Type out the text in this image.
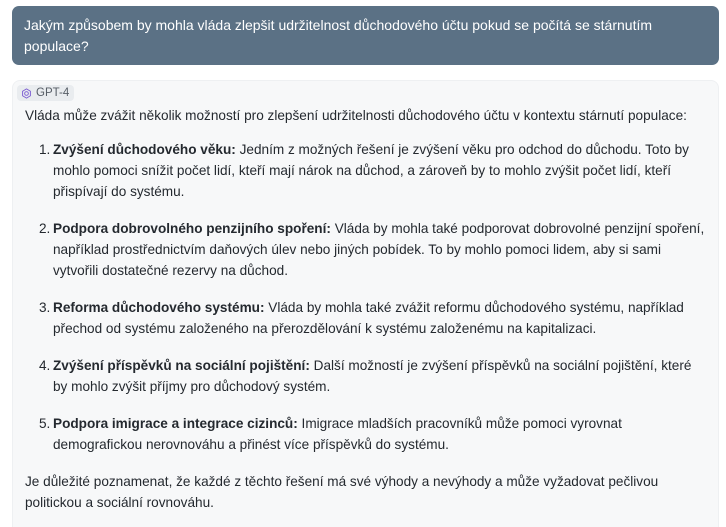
Jakým způsobem by mohla vláda zlepšit udržitelnost důchodového účtu pokud se počítá se stárnutím populace?
GPT-4

Vláda může zvážit několik možností pro zlepšení udržitelnosti důchodového účtu v kontextu stárnutí populace:

1. Zvýšení důchodového věku: Jedním z možných řešení je zvýšení věku pro odchod do důchodu. Toto by mohlo pomoci snížit počet lidí, kteří mají nárok na důchod, a zároveň by to mohlo zvýšit počet lidí, kteří přispívají do systému.
2. Podpora dobrovolného penzijního spoření: Vláda by mohla také podporovat dobrovolné penzijní spoření, například prostřednictvím daňových úlev nebo jiných pobídek. To by mohlo pomoci lidem, aby si sami vytvořili dostatečné rezervy na důchod.
3. Reforma důchodového systému: Vláda by mohla také zvážit reformu důchodového systému, například přechod od systému založeného na přerozdělování k systému založenému na kapitalizaci.
4. Zvýšení příspěvků na sociální pojištění: Další možností je zvýšení příspěvků na sociální pojištění, které by mohlo zvýšit příjmy pro důchodový systém.
5. Podpora imigrace a integrace cizinců: Imigrace mladších pracovníků může pomoci vyrovnat demografickou nerovnováhu a přinést více příspěvků do systému.

Je důležité poznamenat, že každé z těchto řešení má své výhody a nevýhody a může vyžadovat pečlivou politickou a sociální rovnováhu.
